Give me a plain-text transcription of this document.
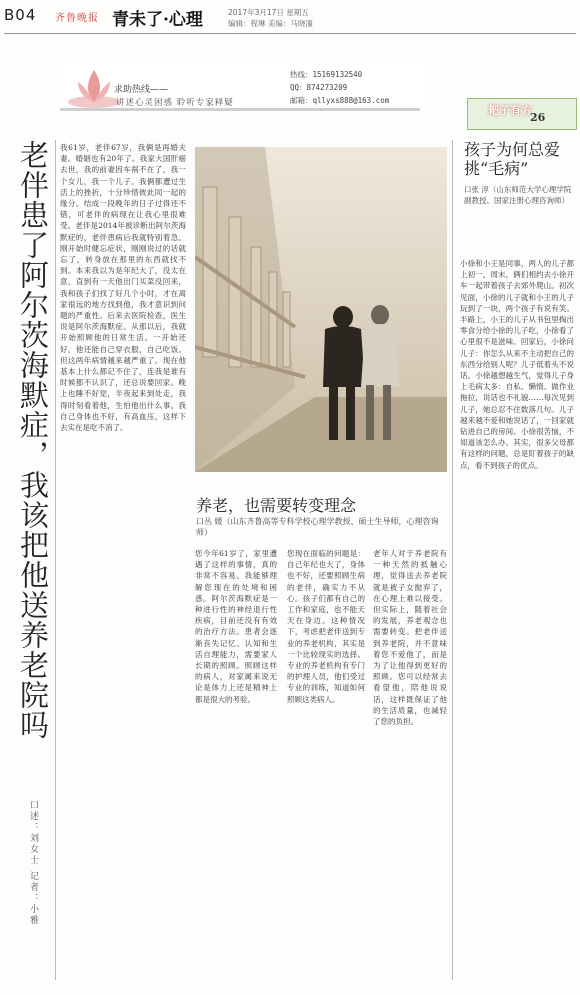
B04 齐鲁晚报 青未了·心理	2017年3月17日 星期五
编辑：程琳 美编：马晓潼
求助热线——
讲述心灵困惑 聆听专家释疑
热线：15169132540
QQ：874273209
邮箱：qllyxs888@163.com
耙子有方
26
老伴患了阿尔茨海默症，我该把他送养老院吗
口述：刘女士 记者：小雅
我61岁，老伴67岁，我俩是再婚夫妻。婚姻也有20年了。我家大国肝癌去世，我的前妻因车祸不在了，我一个女儿，我一个儿子。我俩都遭过生活上的挫折，十分珍惜彼此同一起的缘分。结成一段晚年的日子过得还不错，可老伴的病现在让我心里很难受。老伴是2014年被诊断出阿尔茨海默症的，老伴患病后我就特别着急。刚开始时健忘症状，刚刚说过的话就忘了，转身放在那里的东西就找不到。本来我以为是年纪大了，没太在意，直到有一天他出门买菜没回来，我和孩子们找了好几个小时，才在离家很远的地方找到他，我才意识到问题的严重性。后来去医院检查，医生说是阿尔茨海默症。从那以后，我就开始照顾他的日常生活。一开始还好，他还能自己穿衣服，自己吃饭。但这两年病情越来越严重了。现在他基本上什么都记不住了，连我是谁有时候都不认识了，还总说要回家。晚上也睡不好觉，半夜起来到处走，我得时刻看着他，生怕他出什么事。我自己身体也不好，有高血压，这样下去实在是吃不消了。
养老，也需要转变理念
口丛 媛（山东齐鲁高等专科学校心理学教授、硕士生导师，心理咨询师）
您今年61岁了，家里遭遇了这样的事情，真的非常不容易。我能够理解您现在的处境和困惑。阿尔茨海默症是一种进行性的神经退行性疾病，目前还没有有效的治疗方法。患者会逐渐丧失记忆、认知和生活自理能力，需要家人长期的照顾。照顾这样的病人，对家属来说无论是体力上还是精神上都是很大的考验。
您现在面临的问题是：自己年纪也大了，身体也不好，还要照顾生病的老伴，确实力不从心。孩子们都有自己的工作和家庭，也不能天天在身边。这种情况下，考虑把老伴送到专业的养老机构，其实是一个比较现实的选择。专业的养老机构有专门的护理人员，他们受过专业的训练，知道如何照顾这类病人。
老年人对于养老院有一种天然的抵触心理，觉得送去养老院就是被子女抛弃了，在心理上难以接受。但实际上，随着社会的发展，养老观念也需要转变。把老伴送到养老院，并不意味着您不爱他了，而是为了让他得到更好的照顾。您可以经常去看望他，陪他说说话，这样既保证了他的生活质量，也减轻了您的负担。
孩子为何总爱挑“毛病”
口张 淳（山东师范大学心理学院副教授、国家注册心理咨询师）
小徐和小王是同事，两人的儿子都上初一，周末，俩们相约去小徐开车一起带着孩子去郊外爬山。初次见面，小徐的儿子就和小王的儿子玩到了一块，两个孩子有说有笑。半路上，小王的儿子从书包里掏出零食分给小徐的儿子吃，小徐看了心里很不是滋味。回家后，小徐问儿子：你怎么从来不主动把自己的东西分给别人呢？儿子低着头不说话。小徐越想越生气，觉得儿子身上毛病太多：自私、懒惰、做作业拖拉，说话也不礼貌……每次见到儿子，她总忍不住数落几句。儿子越来越不爱和她说话了，一回家就钻进自己的房间。小徐很苦恼，不知道该怎么办。其实，很多父母都有这样的问题，总是盯着孩子的缺点，看不到孩子的优点。
